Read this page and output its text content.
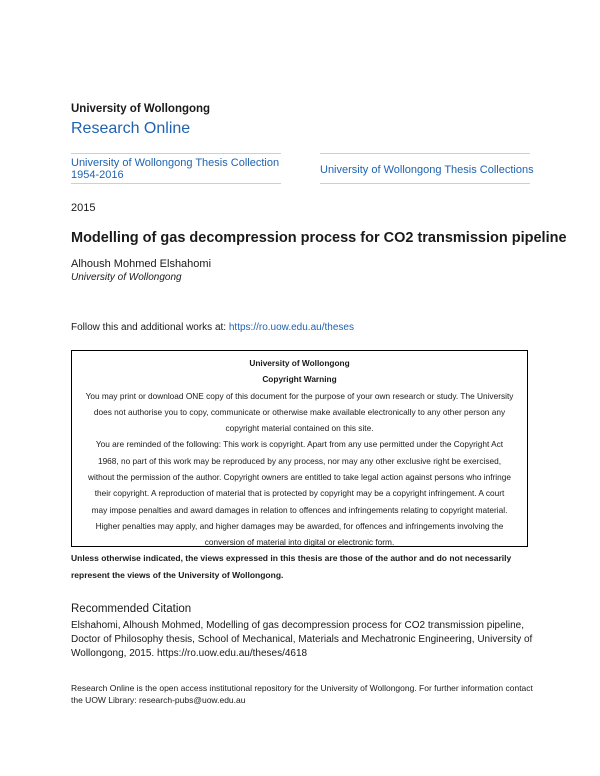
University of Wollongong
Research Online
University of Wollongong Thesis Collection 1954-2016	University of Wollongong Thesis Collections
2015
Modelling of gas decompression process for CO2 transmission pipeline
Alhoush Mohmed Elshahomi
University of Wollongong
Follow this and additional works at: https://ro.uow.edu.au/theses
University of Wollongong
Copyright Warning
You may print or download ONE copy of this document for the purpose of your own research or study. The University
does not authorise you to copy, communicate or otherwise make available electronically to any other person any
copyright material contained on this site.
You are reminded of the following: This work is copyright. Apart from any use permitted under the Copyright Act
1968, no part of this work may be reproduced by any process, nor may any other exclusive right be exercised,
without the permission of the author. Copyright owners are entitled to take legal action against persons who infringe
their copyright. A reproduction of material that is protected by copyright may be a copyright infringement. A court
may impose penalties and award damages in relation to offences and infringements relating to copyright material.
Higher penalties may apply, and higher damages may be awarded, for offences and infringements involving the
conversion of material into digital or electronic form.
Unless otherwise indicated, the views expressed in this thesis are those of the author and do not necessarily represent the views of the University of Wollongong.
Recommended Citation
Elshahomi, Alhoush Mohmed, Modelling of gas decompression process for CO2 transmission pipeline, Doctor of Philosophy thesis, School of Mechanical, Materials and Mechatronic Engineering, University of Wollongong, 2015. https://ro.uow.edu.au/theses/4618
Research Online is the open access institutional repository for the University of Wollongong. For further information contact the UOW Library: research-pubs@uow.edu.au
